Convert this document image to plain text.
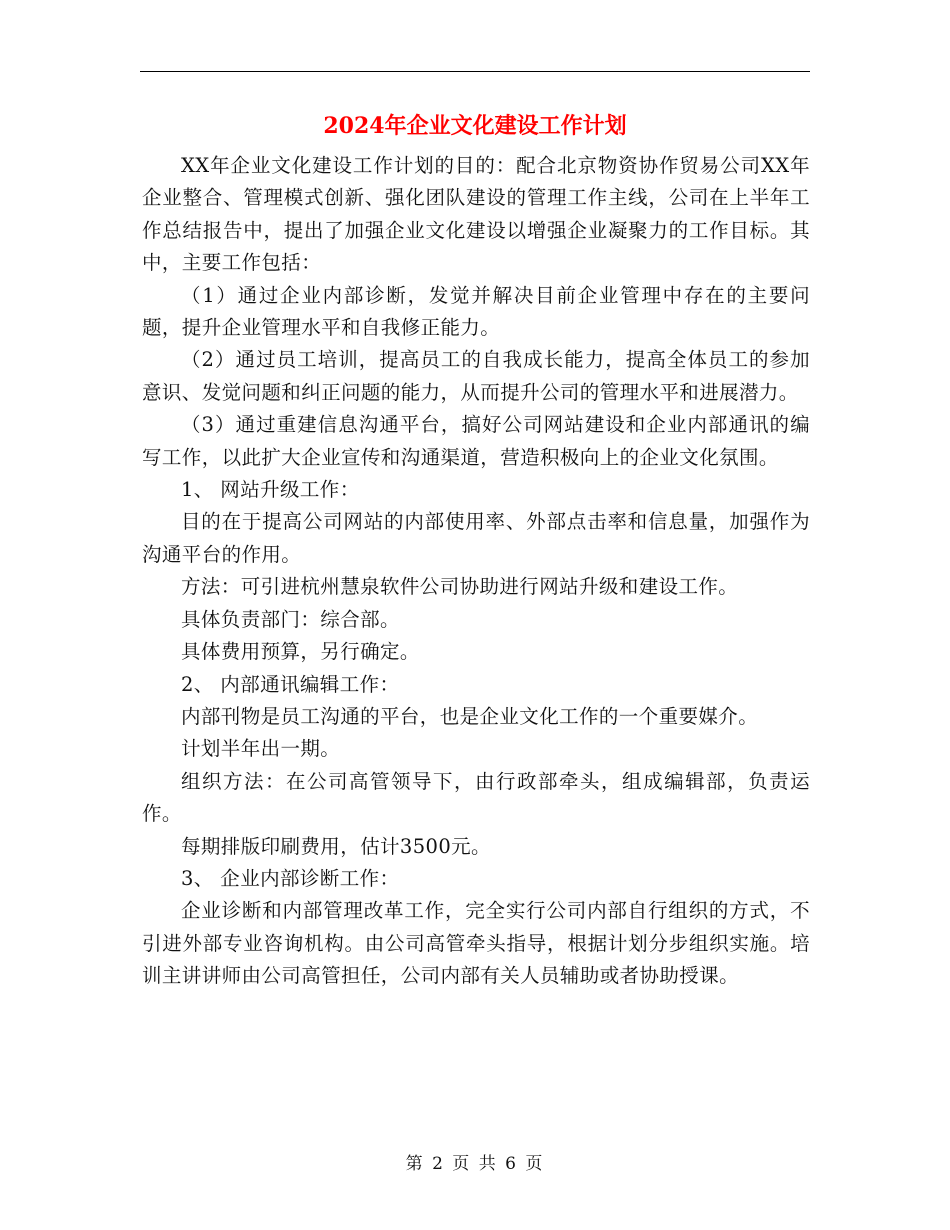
2024年企业文化建设工作计划

XX年企业文化建设工作计划的目的：配合北京物资协作贸易公司XX年企业整合、管理模式创新、强化团队建设的管理工作主线，公司在上半年工作总结报告中，提出了加强企业文化建设以增强企业凝聚力的工作目标。其中，主要工作包括：

（1）通过企业内部诊断，发觉并解决目前企业管理中存在的主要问题，提升企业管理水平和自我修正能力。

（2）通过员工培训，提高员工的自我成长能力，提高全体员工的参加意识、发觉问题和纠正问题的能力，从而提升公司的管理水平和进展潜力。

（3）通过重建信息沟通平台，搞好公司网站建设和企业内部通讯的编写工作，以此扩大企业宣传和沟通渠道，营造积极向上的企业文化氛围。

1、 网站升级工作：

目的在于提高公司网站的内部使用率、外部点击率和信息量，加强作为沟通平台的作用。

方法：可引进杭州慧泉软件公司协助进行网站升级和建设工作。

具体负责部门：综合部。

具体费用预算，另行确定。

2、 内部通讯编辑工作：

内部刊物是员工沟通的平台，也是企业文化工作的一个重要媒介。

计划半年出一期。

组织方法：在公司高管领导下，由行政部牵头，组成编辑部，负责运作。

每期排版印刷费用，估计3500元。

3、 企业内部诊断工作：

企业诊断和内部管理改革工作，完全实行公司内部自行组织的方式，不引进外部专业咨询机构。由公司高管牵头指导，根据计划分步组织实施。培训主讲讲师由公司高管担任，公司内部有关人员辅助或者协助授课。

第 2 页 共 6 页
